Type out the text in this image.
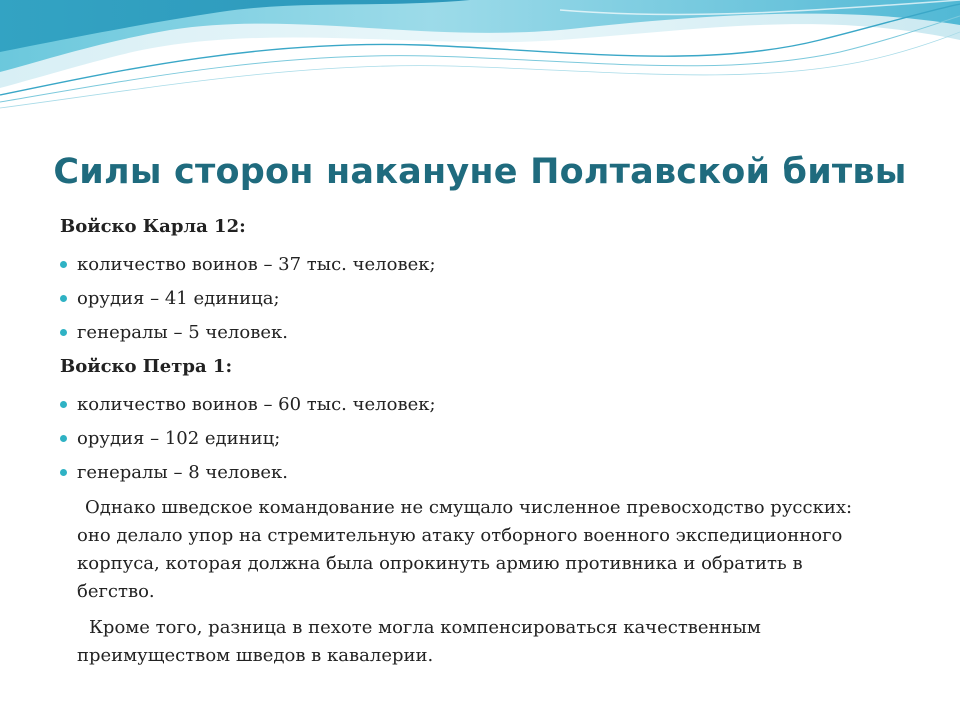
Силы сторон накануне Полтавской битвы
Войско Карла 12:
количество воинов – 37 тыс. человек;
орудия – 41 единица;
генералы – 5 человек.
Войско Петра 1:
количество воинов – 60 тыс. человек;
орудия – 102 единиц;
генералы – 8 человек.

Однако шведское командование не смущало численное превосходство русских: оно делало упор на стремительную атаку отборного военного экспедиционного корпуса, которая должна была опрокинуть армию противника и обратить в бегство.

Кроме того, разница в пехоте могла компенсироваться качественным преимуществом шведов в кавалерии.
